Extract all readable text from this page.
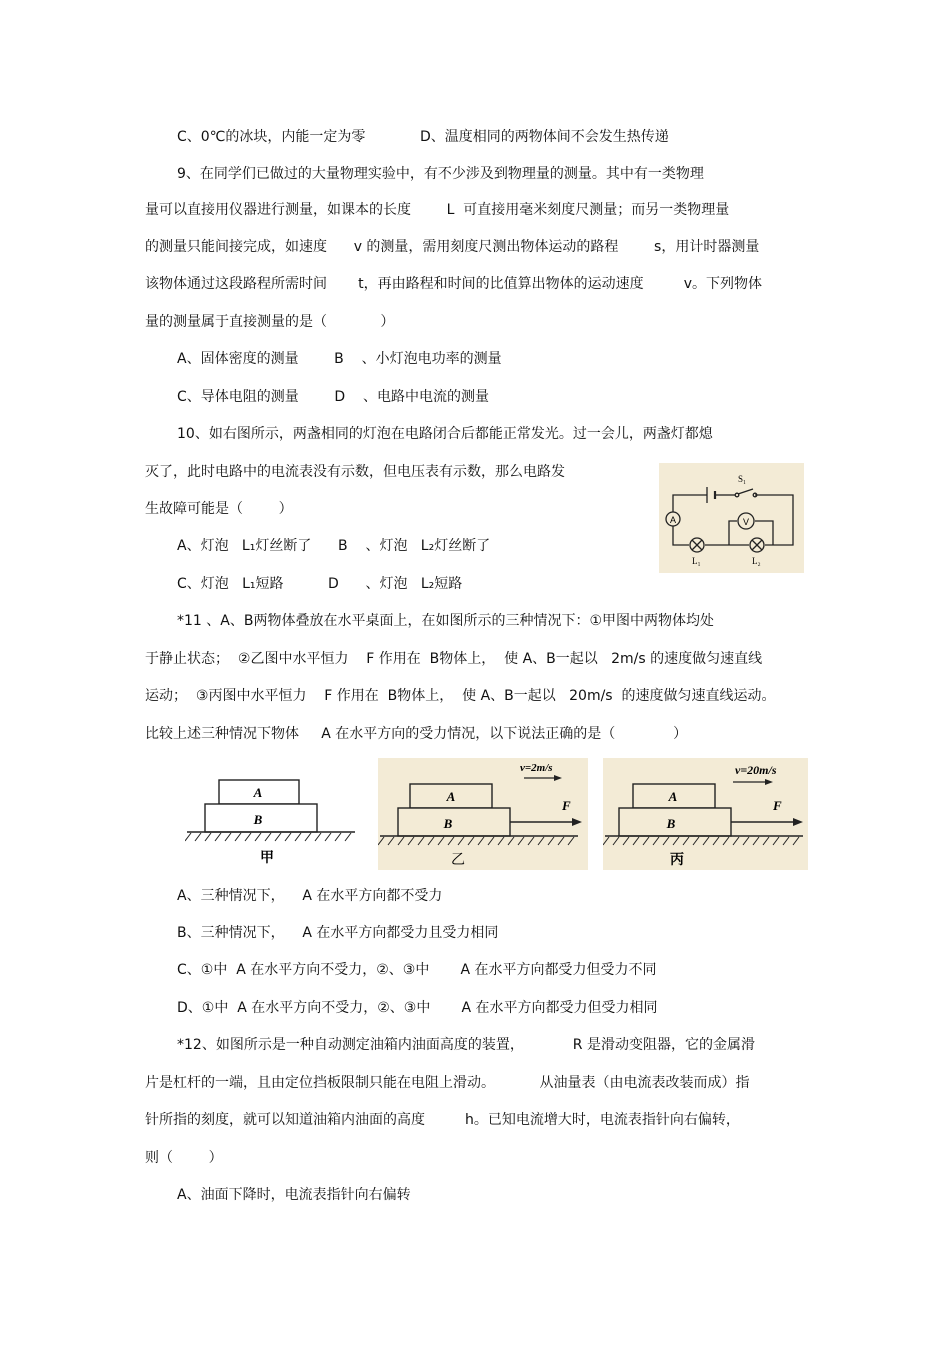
C、0℃的冰块，内能一定为零	D、温度相同的两物体间不会发生热传递
9、在同学们已做过的大量物理实验中，有不少涉及到物理量的测量。其中有一类物理
量可以直接用仪器进行测量，如课本的长度        L  可直接用毫米刻度尺测量；而另一类物理量
的测量只能间接完成，如速度      v 的测量，需用刻度尺测出物体运动的路程        s，用计时器测量
该物体通过这段路程所需时间       t，再由路程和时间的比值算出物体的运动速度         v。下列物体
量的测量属于直接测量的是（            ）
A、固体密度的测量        B    、小灯泡电功率的测量
C、导体电阻的测量        D    、电路中电流的测量
10、如右图所示，两盏相同的灯泡在电路闭合后都能正常发光。过一会儿，两盏灯都熄
灭了，此时电路中的电流表没有示数，但电压表有示数，那么电路发
生故障可能是（        ）
A、灯泡   L₁灯丝断了      B    、灯泡   L₂灯丝断了
C、灯泡   L₁短路          D      、灯泡   L₂短路
A	V
S₁
L₁	L₂
*11 、A、B两物体叠放在水平桌面上，在如图所示的三种情况下：①甲图中两物体均处
于静止状态；  ②乙图中水平恒力    F 作用在  B物体上，  使 A、B一起以   2m/s 的速度做匀速直线
运动；  ③丙图中水平恒力    F 作用在  B物体上，  使 A、B一起以   20m/s  的速度做匀速直线运动。
比较上述三种情况下物体     A 在水平方向的受力情况，以下说法正确的是（             ）
A
B
甲
v=2m/s
F
A
B
乙
v=20m/s
F
A
B
丙
A、三种情况下，    A 在水平方向都不受力
B、三种情况下，    A 在水平方向都受力且受力相同
C、①中  A 在水平方向不受力，②、③中       A 在水平方向都受力但受力不同
D、①中  A 在水平方向不受力，②、③中       A 在水平方向都受力但受力相同
*12、如图所示是一种自动测定油箱内油面高度的装置，           R 是滑动变阻器，它的金属滑
片是杠杆的一端，且由定位挡板限制只能在电阻上滑动。          从油量表（由电流表改装而成）指
针所指的刻度，就可以知道油箱内油面的高度         h。已知电流增大时，电流表指针向右偏转，
则（        ）
A、油面下降时，电流表指针向右偏转
